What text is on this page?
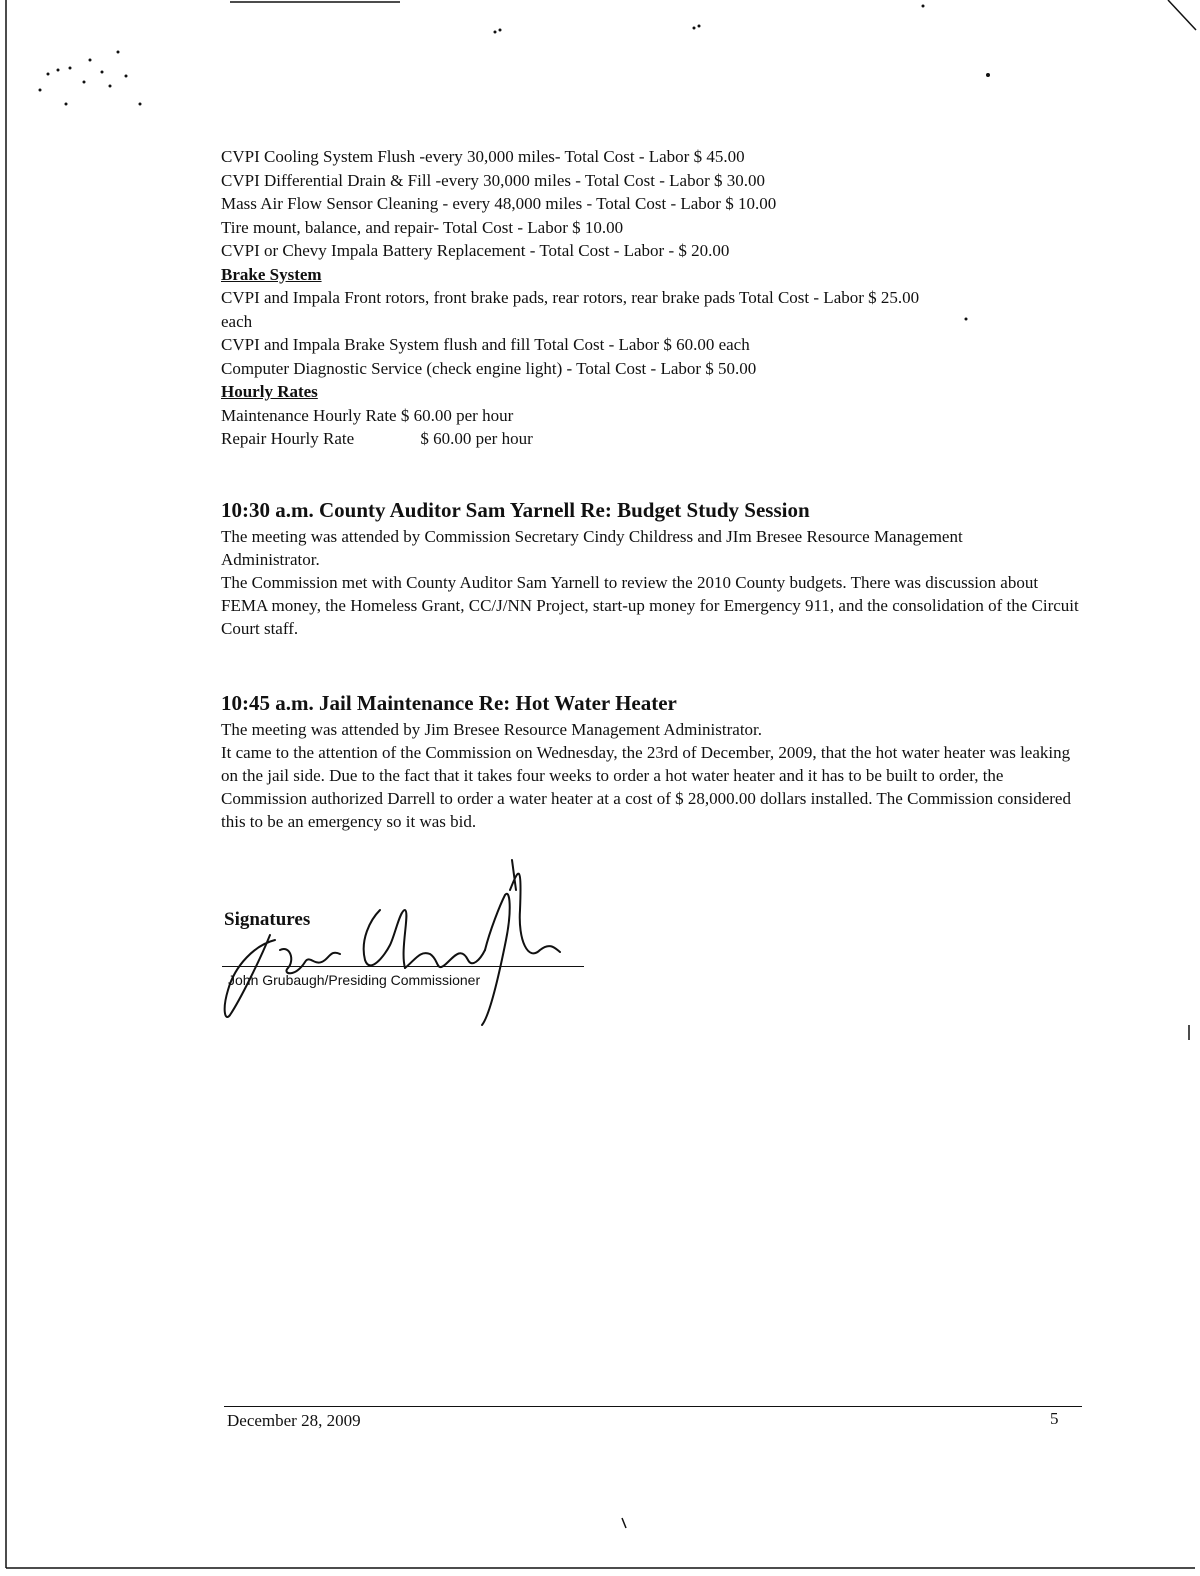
CVPI Cooling System Flush -every 30,000 miles- Total Cost - Labor $ 45.00
CVPI Differential Drain & Fill -every 30,000 miles - Total Cost - Labor $ 30.00
Mass Air Flow Sensor Cleaning - every 48,000 miles - Total Cost - Labor $ 10.00
Tire mount, balance, and repair- Total Cost - Labor $ 10.00
CVPI or Chevy Impala Battery Replacement - Total Cost - Labor - $ 20.00
Brake System
CVPI and Impala Front rotors, front brake pads, rear rotors, rear brake pads Total Cost - Labor $ 25.00
each
CVPI and Impala Brake System flush and fill Total Cost - Labor $ 60.00 each
Computer Diagnostic Service (check engine light) - Total Cost - Labor $ 50.00
Hourly Rates
Maintenance Hourly Rate $ 60.00 per hour
Repair Hourly Rate	$ 60.00 per hour
10:30 a.m. County Auditor Sam Yarnell Re: Budget Study Session
The meeting was attended by Commission Secretary Cindy Childress and JIm Bresee Resource Management Administrator.
The Commission met with County Auditor Sam Yarnell to review the 2010 County budgets. There was discussion about FEMA money, the Homeless Grant, CC/J/NN Project, start-up money for Emergency 911, and the consolidation of the Circuit Court staff.
10:45 a.m. Jail Maintenance Re: Hot Water Heater
The meeting was attended by Jim Bresee Resource Management Administrator.
It came to the attention of the Commission on Wednesday, the 23rd of December, 2009, that the hot water heater was leaking on the jail side. Due to the fact that it takes four weeks to order a hot water heater and it has to be built to order, the Commission authorized Darrell to order a water heater at a cost of $ 28,000.00 dollars installed. The Commission considered this to be an emergency so it was bid.
Signatures
John Grubaugh/Presiding Commissioner
December 28, 2009	5
